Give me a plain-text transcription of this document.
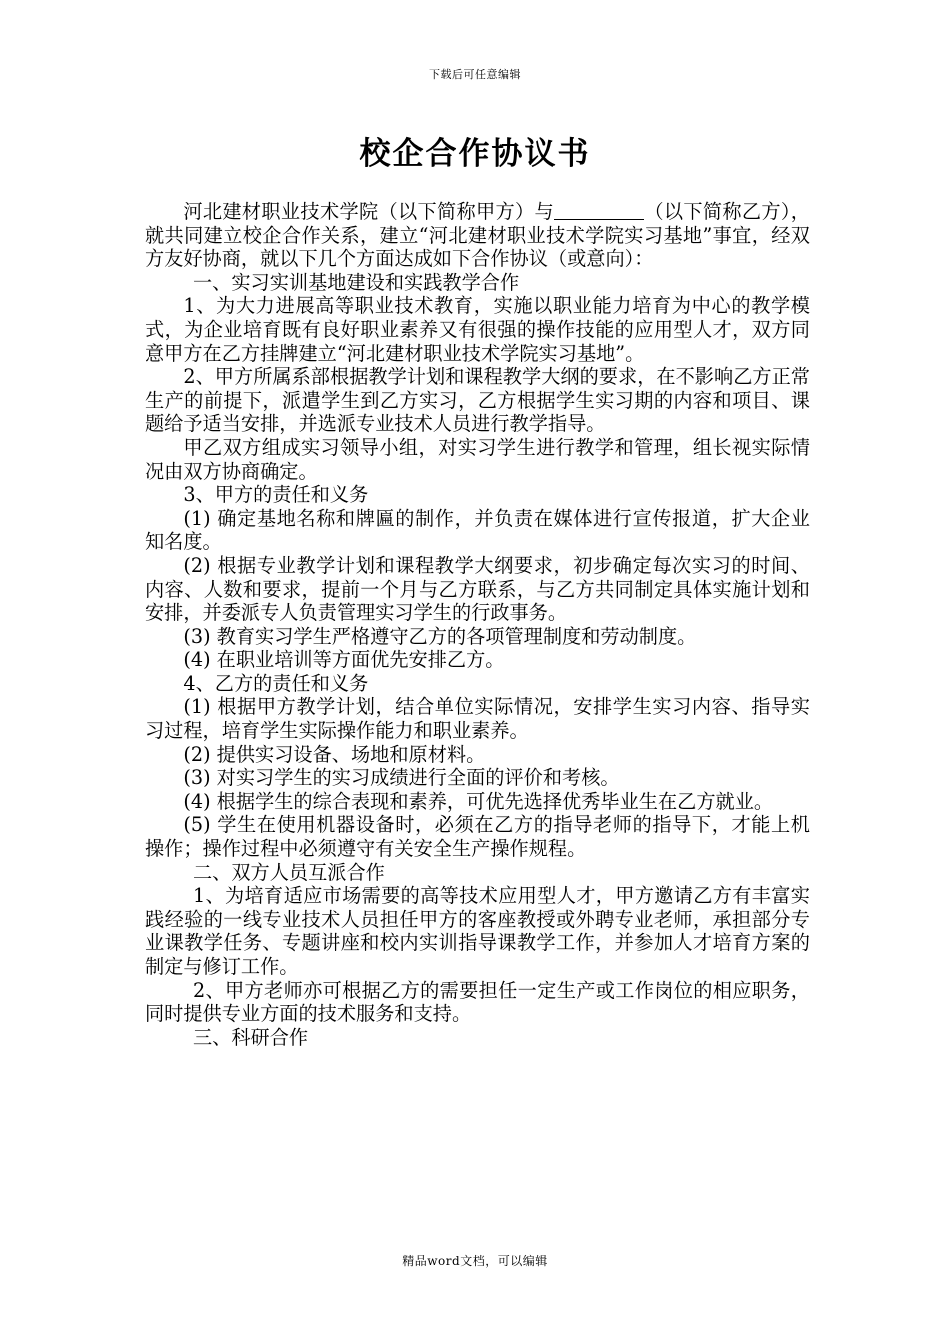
下载后可任意编辑
校企合作协议书

河北建材职业技术学院（以下简称甲方）与	（以下简称乙方），就共同建立校企合作关系，建立“河北建材职业技术学院实习基地”事宜，经双方友好协商，就以下几个方面达成如下合作协议（或意向）：

一、实习实训基地建设和实践教学合作

1、为大力进展高等职业技术教育，实施以职业能力培育为中心的教学模式，为企业培育既有良好职业素养又有很强的操作技能的应用型人才，双方同意甲方在乙方挂牌建立“河北建材职业技术学院实习基地”。

2、甲方所属系部根据教学计划和课程教学大纲的要求，在不影响乙方正常生产的前提下，派遣学生到乙方实习，乙方根据学生实习期的内容和项目、课题给予适当安排，并选派专业技术人员进行教学指导。

甲乙双方组成实习领导小组，对实习学生进行教学和管理，组长视实际情况由双方协商确定。

3、甲方的责任和义务

(1) 确定基地名称和牌匾的制作，并负责在媒体进行宣传报道，扩大企业知名度。

(2) 根据专业教学计划和课程教学大纲要求，初步确定每次实习的时间、内容、人数和要求，提前一个月与乙方联系，与乙方共同制定具体实施计划和安排，并委派专人负责管理实习学生的行政事务。

(3) 教育实习学生严格遵守乙方的各项管理制度和劳动制度。

(4) 在职业培训等方面优先安排乙方。

4、乙方的责任和义务

(1) 根据甲方教学计划，结合单位实际情况，安排学生实习内容、指导实习过程，培育学生实际操作能力和职业素养。

(2) 提供实习设备、场地和原材料。

(3) 对实习学生的实习成绩进行全面的评价和考核。

(4) 根据学生的综合表现和素养，可优先选择优秀毕业生在乙方就业。

(5) 学生在使用机器设备时，必须在乙方的指导老师的指导下，才能上机操作；操作过程中必须遵守有关安全生产操作规程。

二、双方人员互派合作

1、为培育适应市场需要的高等技术应用型人才，甲方邀请乙方有丰富实践经验的一线专业技术人员担任甲方的客座教授或外聘专业老师，承担部分专业课教学任务、专题讲座和校内实训指导课教学工作，并参加人才培育方案的制定与修订工作。

2、甲方老师亦可根据乙方的需要担任一定生产或工作岗位的相应职务，同时提供专业方面的技术服务和支持。

三、科研合作

精品word文档，可以编辑
